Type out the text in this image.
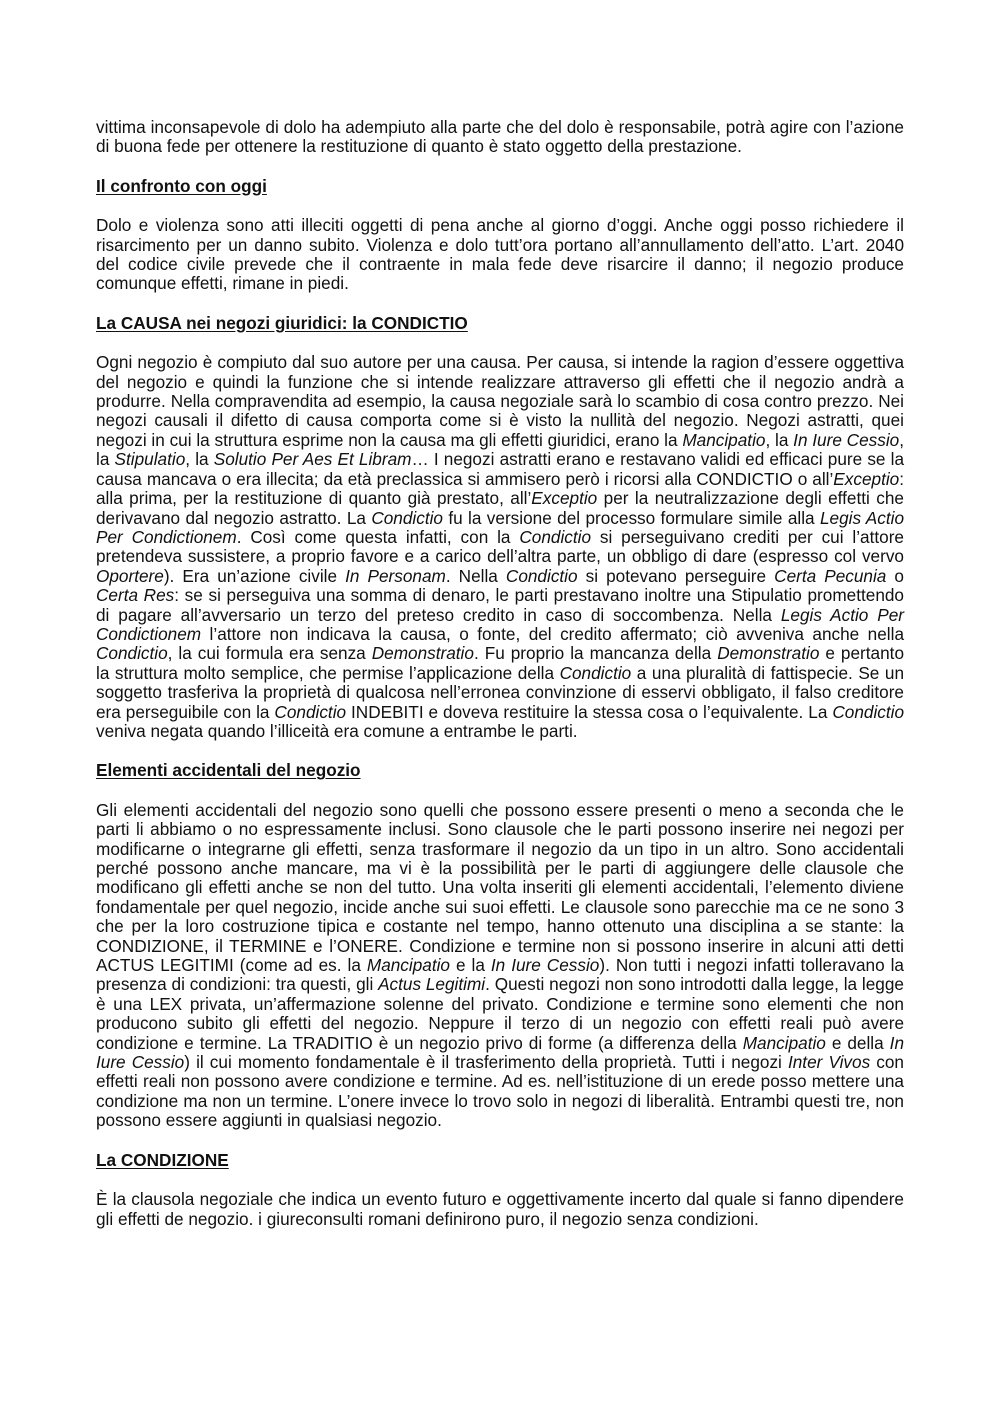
vittima inconsapevole di dolo ha adempiuto alla parte che del dolo è responsabile, potrà agire con l’azione di buona fede per ottenere la restituzione di quanto è stato oggetto della prestazione.

Il confronto con oggi

Dolo e violenza sono atti illeciti oggetti di pena anche al giorno d’oggi. Anche oggi posso richiedere il risarcimento per un danno subito. Violenza e dolo tutt’ora portano all’annullamento dell’atto. L’art. 2040 del codice civile prevede che il contraente in mala fede deve risarcire il danno; il negozio produce comunque effetti, rimane in piedi.

La CAUSA nei negozi giuridici: la CONDICTIO

Ogni negozio è compiuto dal suo autore per una causa. Per causa, si intende la ragion d’essere oggettiva del negozio e quindi la funzione che si intende realizzare attraverso gli effetti che il negozio andrà a produrre. Nella compravendita ad esempio, la causa negoziale sarà lo scambio di cosa contro prezzo. Nei negozi causali il difetto di causa comporta come si è visto la nullità del negozio. Negozi astratti, quei negozi in cui la struttura esprime non la causa ma gli effetti giuridici, erano la Mancipatio, la In Iure Cessio, la Stipulatio, la Solutio Per Aes Et Libram… I negozi astratti erano e restavano validi ed efficaci pure se la causa mancava o era illecita; da età preclassica si ammisero però i ricorsi alla CONDICTIO o all’Exceptio: alla prima, per la restituzione di quanto già prestato, all’Exceptio per la neutralizzazione degli effetti che derivavano dal negozio astratto. La Condictio fu la versione del processo formulare simile alla Legis Actio Per Condictionem. Così come questa infatti, con la Condictio si perseguivano crediti per cui l’attore pretendeva sussistere, a proprio favore e a carico dell’altra parte, un obbligo di dare (espresso col vervo Oportere). Era un’azione civile In Personam. Nella Condictio si potevano perseguire Certa Pecunia o Certa Res: se si perseguiva una somma di denaro, le parti prestavano inoltre una Stipulatio promettendo di pagare all’avversario un terzo del preteso credito in caso di soccombenza. Nella Legis Actio Per Condictionem l’attore non indicava la causa, o fonte, del credito affermato; ciò avveniva anche nella Condictio, la cui formula era senza Demonstratio. Fu proprio la mancanza della Demonstratio e pertanto la struttura molto semplice, che permise l’applicazione della Condictio a una pluralità di fattispecie. Se un soggetto trasferiva la proprietà di qualcosa nell’erronea convinzione di esservi obbligato, il falso creditore era perseguibile con la Condictio INDEBITI e doveva restituire la stessa cosa o l’equivalente. La Condictio veniva negata quando l’illiceità era comune a entrambe le parti.

Elementi accidentali del negozio

Gli elementi accidentali del negozio sono quelli che possono essere presenti o meno a seconda che le parti li abbiamo o no espressamente inclusi. Sono clausole che le parti possono inserire nei negozi per modificarne o integrarne gli effetti, senza trasformare il negozio da un tipo in un altro. Sono accidentali perché possono anche mancare, ma vi è la possibilità per le parti di aggiungere delle clausole che modificano gli effetti anche se non del tutto. Una volta inseriti gli elementi accidentali, l’elemento diviene fondamentale per quel negozio, incide anche sui suoi effetti. Le clausole sono parecchie ma ce ne sono 3 che per la loro costruzione tipica e costante nel tempo, hanno ottenuto una disciplina a se stante: la CONDIZIONE, il TERMINE e l’ONERE. Condizione e termine non si possono inserire in alcuni atti detti ACTUS LEGITIMI (come ad es. la Mancipatio e la In Iure Cessio). Non tutti i negozi infatti tolleravano la presenza di condizioni: tra questi, gli Actus Legitimi. Questi negozi non sono introdotti dalla legge, la legge è una LEX privata, un’affermazione solenne del privato. Condizione e termine sono elementi che non producono subito gli effetti del negozio. Neppure il terzo di un negozio con effetti reali può avere condizione e termine. La TRADITIO è un negozio privo di forme (a differenza della Mancipatio e della In Iure Cessio) il cui momento fondamentale è il trasferimento della proprietà. Tutti i negozi Inter Vivos con effetti reali non possono avere condizione e termine. Ad es. nell’istituzione di un erede posso mettere una condizione ma non un termine. L’onere invece lo trovo solo in negozi di liberalità. Entrambi questi tre, non possono essere aggiunti in qualsiasi negozio.

La CONDIZIONE

È la clausola negoziale che indica un evento futuro e oggettivamente incerto dal quale si fanno dipendere gli effetti de negozio. i giureconsulti romani definirono puro, il negozio senza condizioni.
